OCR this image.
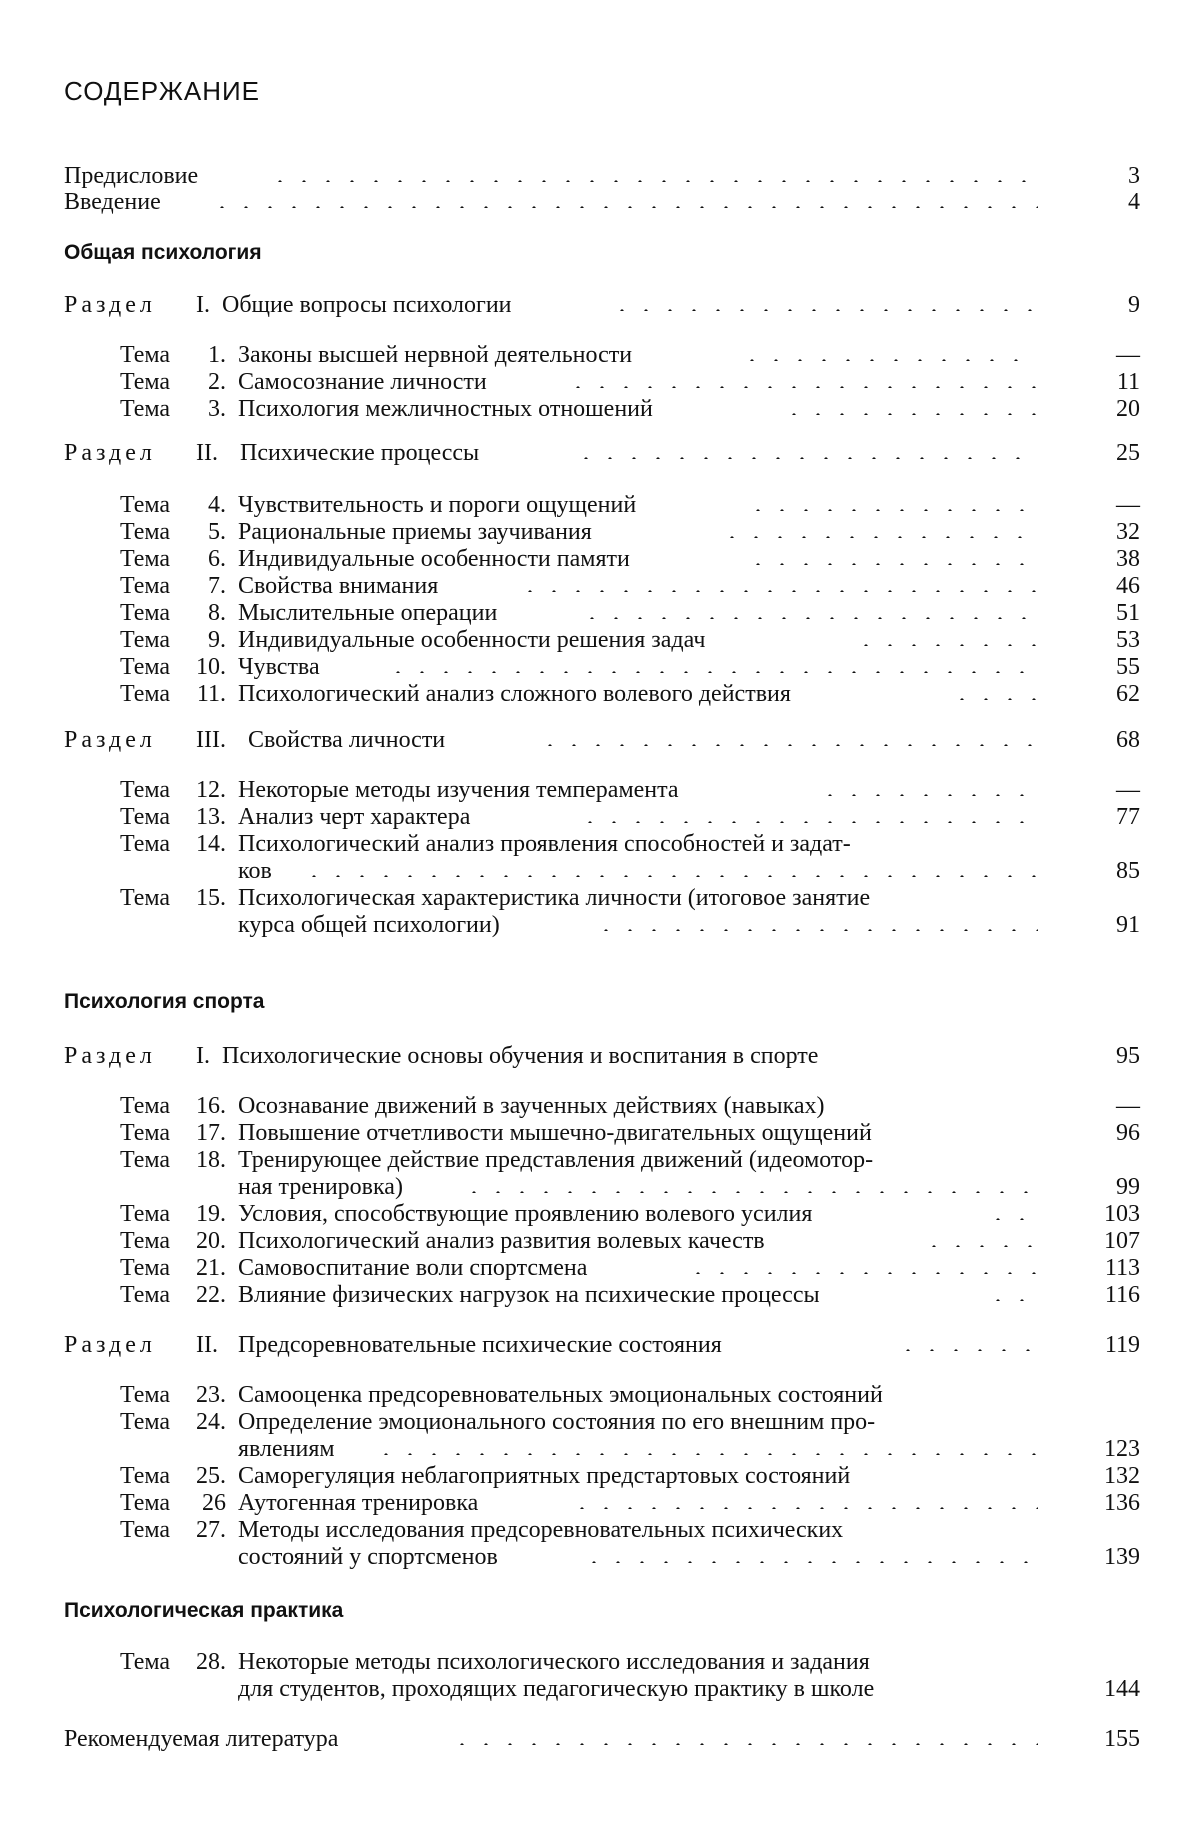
СОДЕРЖАНИЕ
Предисловие	3
Введение	4
Общая психология
Раздел I. Общие вопросы психологии	9
Тема	1. Законы высшей нервной деятельности	—
Тема	2. Самосознание личности	11
Тема	3. Психология межличностных отношений	20
Раздел II. Психические процессы	25
Тема	4. Чувствительность и пороги ощущений	—
Тема	5. Рациональные приемы заучивания	32
Тема	6. Индивидуальные особенности памяти	38
Тема	7. Свойства внимания	46
Тема	8. Мыслительные операции	51
Тема	9. Индивидуальные особенности решения задач	53
Тема	10. Чувства	55
Тема	11. Психологический анализ сложного волевого действия	62
Раздел III. Свойства личности	68
Тема	12. Некоторые методы изучения темперамента	—
Тема	13. Анализ черт характера	77
Тема	14. Психологический анализ проявления способностей и задат-
ков	85
Тема	15. Психологическая характеристика личности (итоговое занятие
курса общей психологии)	91
Психология спорта
Раздел I. Психологические основы обучения и воспитания в спорте	95
Тема	16. Осознавание движений в заученных действиях (навыках)	—
Тема	17. Повышение отчетливости мышечно-двигательных ощущений	96
Тема	18. Тренирующее действие представления движений (идеомотор-
ная тренировка)	99
Тема	19. Условия, способствующие проявлению волевого усилия	103
Тема	20. Психологический анализ развития волевых качеств	107
Тема	21. Самовоспитание воли спортсмена	113
Тема	22. Влияние физических нагрузок на психические процессы	116
Раздел II. Предсоревновательные психические состояния	119
Тема	23. Самооценка предсоревновательных эмоциональных состояний
Тема	24. Определение эмоционального состояния по его внешним про-
явлениям	123
Тема	25. Саморегуляция неблагоприятных предстартовых состояний	132
Тема	26 Аутогенная тренировка	136
Тема	27. Методы исследования предсоревновательных психических
состояний у спортсменов	139
Психологическая практика
Тема	28. Некоторые методы психологического исследования и задания
для студентов, проходящих педагогическую практику в школе	144
Рекомендуемая литература	155
